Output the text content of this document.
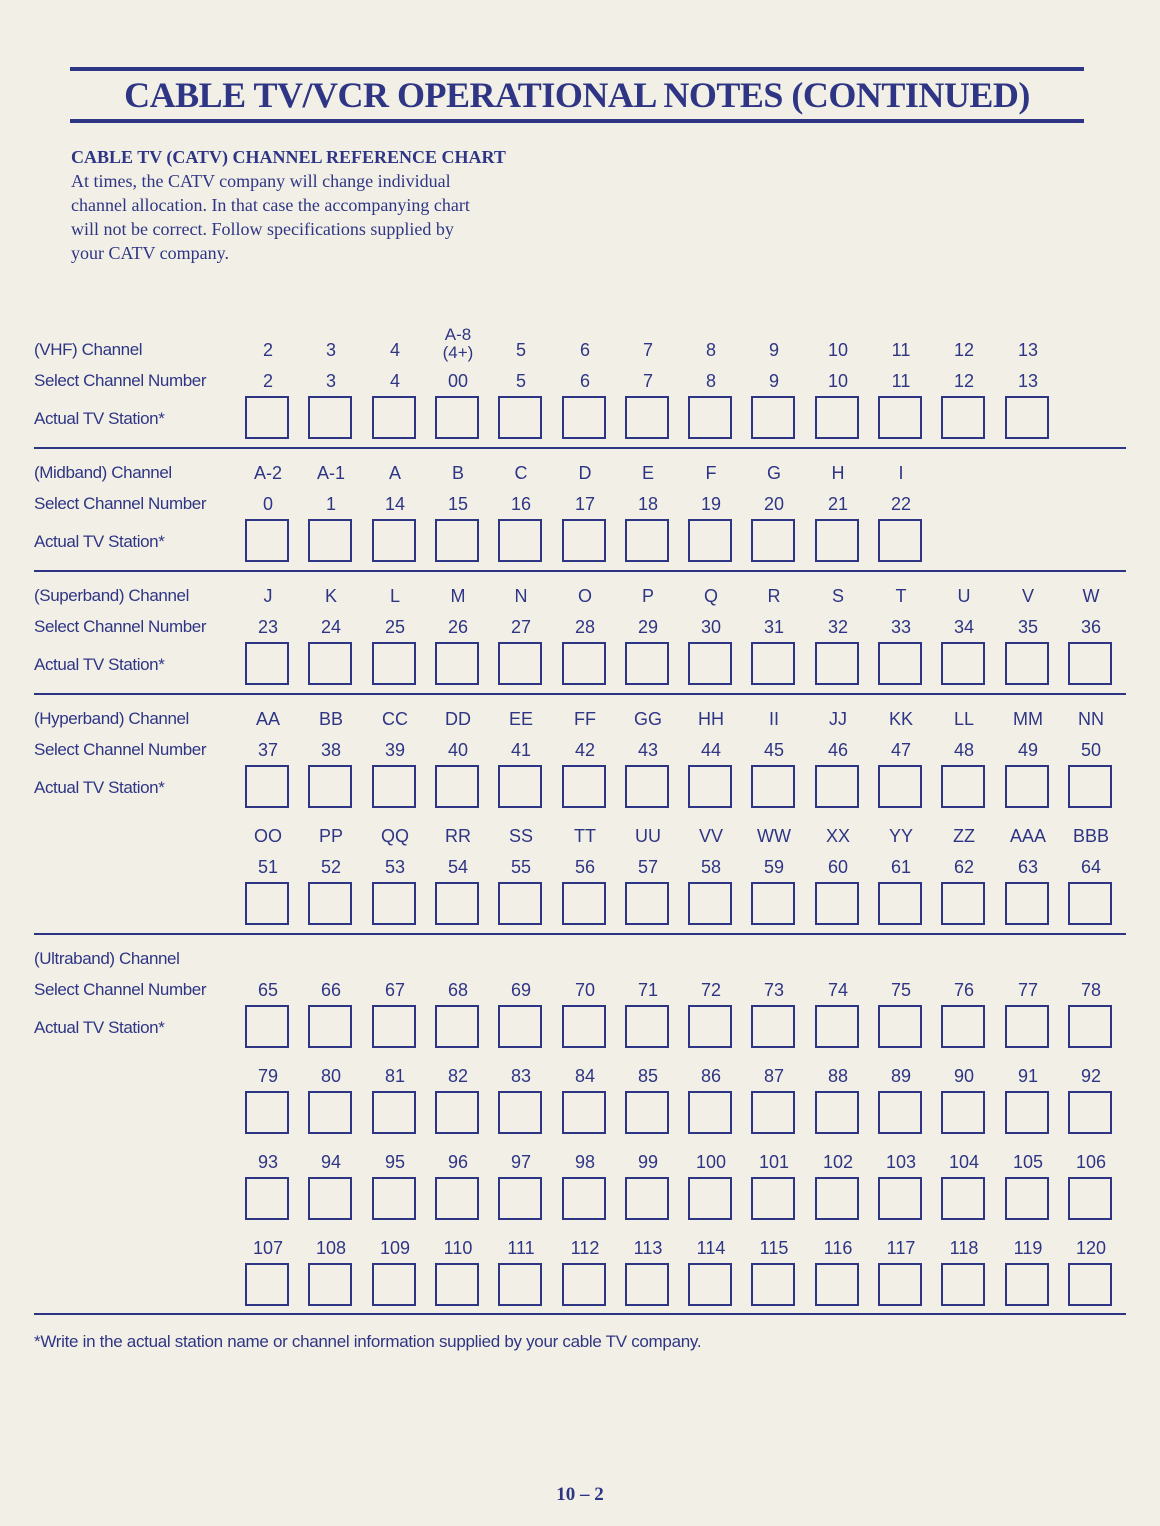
CABLE TV/VCR OPERATIONAL NOTES (CONTINUED)
CABLE TV (CATV) CHANNEL REFERENCE CHART
At times, the CATV company will change individual
channel allocation. In that case the accompanying chart
will not be correct. Follow specifications supplied by
your CATV company.
(VHF) Channel	2	3	4
A-8
(4+)	5	6	7	8	9	10	11	12	13
Select Channel Number	2	3	4	00	5	6	7	8	9	10	11	12	13
Actual TV Station*
(Midband) Channel	A-2	A-1	A	B	C	D	E	F	G	H	I
Select Channel Number	0	1	14	15	16	17	18	19	20	21	22
Actual TV Station*
(Superband) Channel	J	K	L	M	N	O	P	Q	R	S	T	U	V	W
Select Channel Number	23	24	25	26	27	28	29	30	31	32	33	34	35	36
Actual TV Station*
(Hyperband) Channel	AA	BB	CC	DD	EE	FF	GG	HH	II	JJ	KK	LL	MM	NN
Select Channel Number	37	38	39	40	41	42	43	44	45	46	47	48	49	50
Actual TV Station*
OO	PP	QQ	RR	SS	TT	UU	VV	WW	XX	YY	ZZ	AAA	BBB
51	52	53	54	55	56	57	58	59	60	61	62	63	64
(Ultraband) Channel
Select Channel Number	65	66	67	68	69	70	71	72	73	74	75	76	77	78
Actual TV Station*
79	80	81	82	83	84	85	86	87	88	89	90	91	92
93	94	95	96	97	98	99	100	101	102	103	104	105	106
107	108	109	110	111	112	113	114	115	116	117	118	119	120
*Write in the actual station name or channel information supplied by your cable TV company.
10 – 2
